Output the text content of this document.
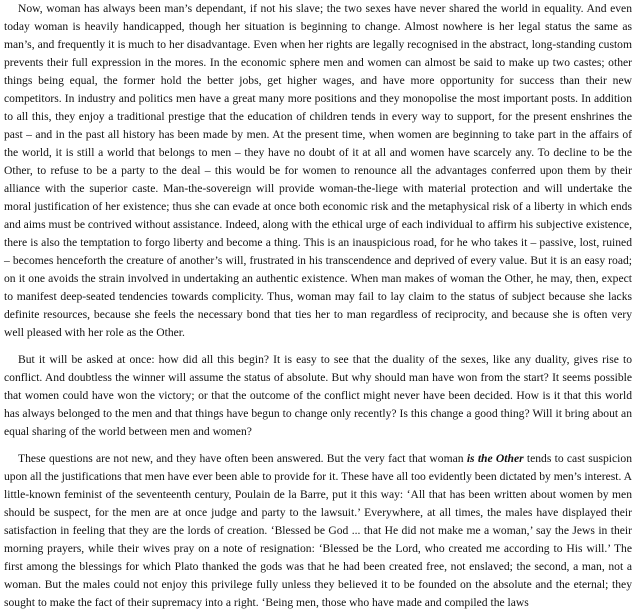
Now, woman has always been man’s dependant, if not his slave; the two sexes have never shared the world in equality. And even today woman is heavily handicapped, though her situation is beginning to change. Almost nowhere is her legal status the same as man’s, and frequently it is much to her disadvantage. Even when her rights are legally recognised in the abstract, long-standing custom prevents their full expression in the mores. In the economic sphere men and women can almost be said to make up two castes; other things being equal, the former hold the better jobs, get higher wages, and have more opportunity for success than their new competitors. In industry and politics men have a great many more positions and they monopolise the most important posts. In addition to all this, they enjoy a traditional prestige that the education of children tends in every way to support, for the present enshrines the past – and in the past all history has been made by men. At the present time, when women are beginning to take part in the affairs of the world, it is still a world that belongs to men – they have no doubt of it at all and women have scarcely any. To decline to be the Other, to refuse to be a party to the deal – this would be for women to renounce all the advantages conferred upon them by their alliance with the superior caste. Man-the-sovereign will provide woman-the-liege with material protection and will undertake the moral justification of her existence; thus she can evade at once both economic risk and the metaphysical risk of a liberty in which ends and aims must be contrived without assistance. Indeed, along with the ethical urge of each individual to affirm his subjective existence, there is also the temptation to forgo liberty and become a thing. This is an inauspicious road, for he who takes it – passive, lost, ruined – becomes henceforth the creature of another’s will, frustrated in his transcendence and deprived of every value. But it is an easy road; on it one avoids the strain involved in undertaking an authentic existence. When man makes of woman the Other, he may, then, expect to manifest deep-seated tendencies towards complicity. Thus, woman may fail to lay claim to the status of subject because she lacks definite resources, because she feels the necessary bond that ties her to man regardless of reciprocity, and because she is often very well pleased with her role as the Other.

But it will be asked at once: how did all this begin? It is easy to see that the duality of the sexes, like any duality, gives rise to conflict. And doubtless the winner will assume the status of absolute. But why should man have won from the start? It seems possible that women could have won the victory; or that the outcome of the conflict might never have been decided. How is it that this world has always belonged to the men and that things have begun to change only recently? Is this change a good thing? Will it bring about an equal sharing of the world between men and women?

These questions are not new, and they have often been answered. But the very fact that woman is the Other tends to cast suspicion upon all the justifications that men have ever been able to provide for it. These have all too evidently been dictated by men’s interest. A little-known feminist of the seventeenth century, Poulain de la Barre, put it this way: ‘All that has been written about women by men should be suspect, for the men are at once judge and party to the lawsuit.’ Everywhere, at all times, the males have displayed their satisfaction in feeling that they are the lords of creation. ‘Blessed be God ... that He did not make me a woman,’ say the Jews in their morning prayers, while their wives pray on a note of resignation: ‘Blessed be the Lord, who created me according to His will.’ The first among the blessings for which Plato thanked the gods was that he had been created free, not enslaved; the second, a man, not a woman. But the males could not enjoy this privilege fully unless they believed it to be founded on the absolute and the eternal; they sought to make the fact of their supremacy into a right. ‘Being men, those who have made and compiled the laws
